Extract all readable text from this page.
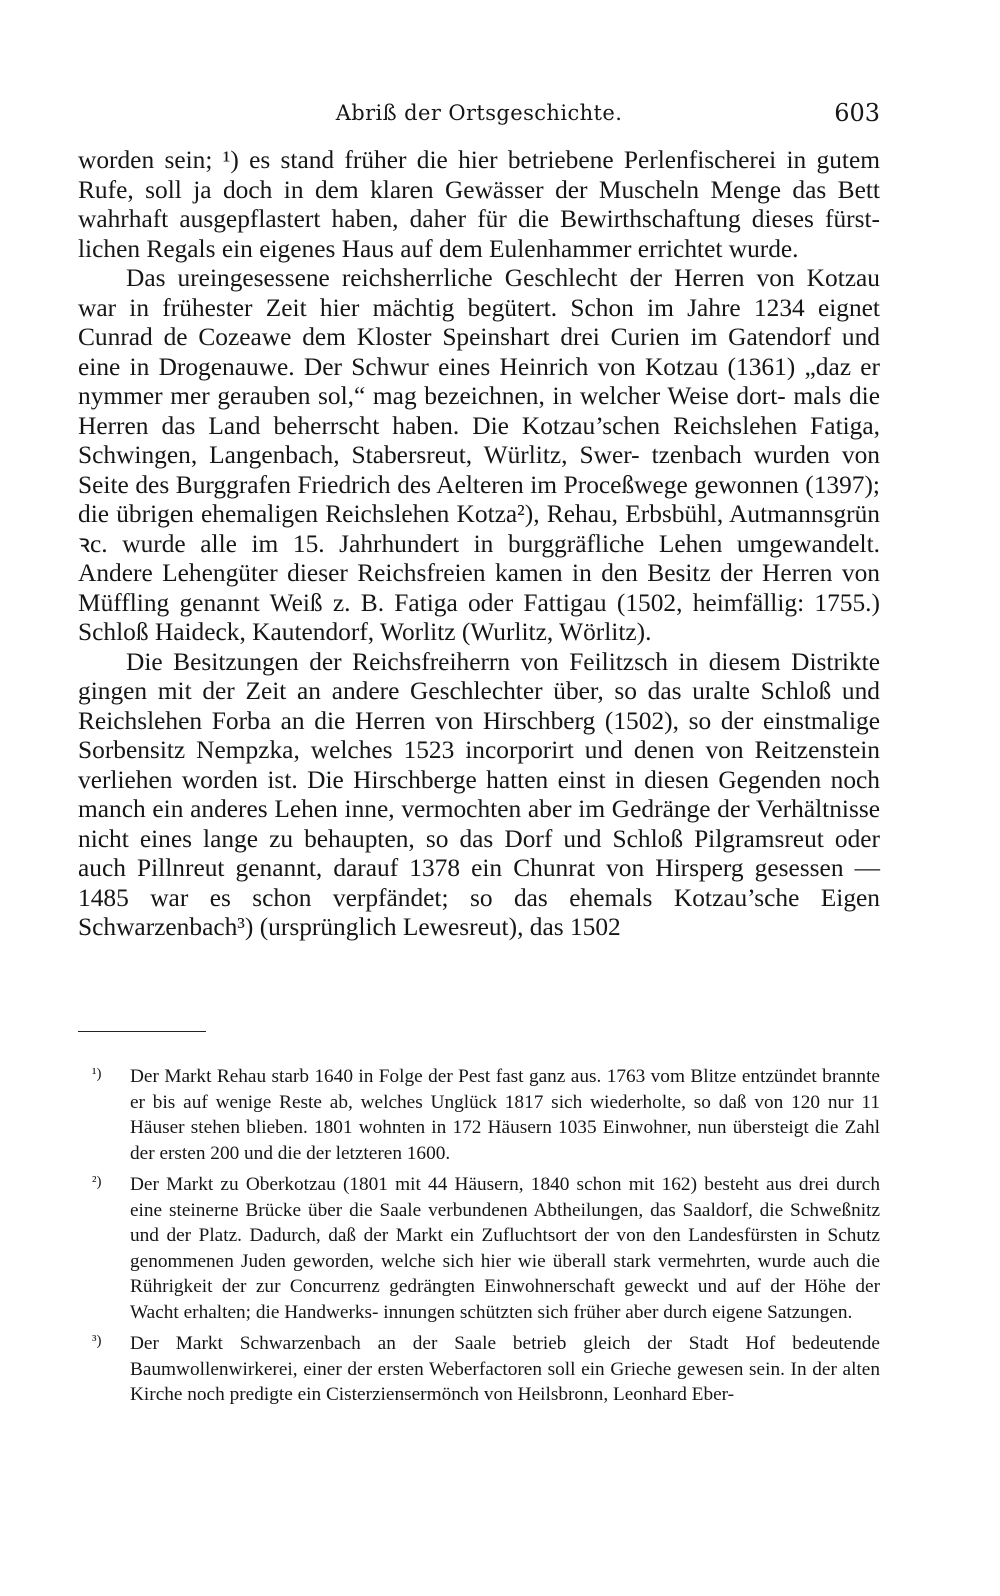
Abriß der Ortsgeschichte.	603

worden sein; ¹) es stand früher die hier betriebene Perlenfischerei in gutem Rufe, soll ja doch in dem klaren Gewässer der Muscheln Menge das Bett wahrhaft ausgepflastert haben, daher für die Bewirthschaftung dieses fürst- lichen Regals ein eigenes Haus auf dem Eulenhammer errichtet wurde.

Das ureingesessene reichsherrliche Geschlecht der Herren von Kotzau war in frühester Zeit hier mächtig begütert. Schon im Jahre 1234 eignet Cunrad de Cozeawe dem Kloster Speinshart drei Curien im Gatendorf und eine in Drogenauwe. Der Schwur eines Heinrich von Kotzau (1361) „daz er nymmer mer gerauben sol,“ mag bezeichnen, in welcher Weise dort- mals die Herren das Land beherrscht haben. Die Kotzau’schen Reichslehen Fatiga, Schwingen, Langenbach, Stabersreut, Würlitz, Swer- tzenbach wurden von Seite des Burggrafen Friedrich des Aelteren im Proceßwege gewonnen (1397); die übrigen ehemaligen Reichslehen Kotza²), Rehau, Erbsbühl, Autmannsgrün ꝛc. wurde alle im 15. Jahrhundert in burggräfliche Lehen umgewandelt. Andere Lehengüter dieser Reichsfreien kamen in den Besitz der Herren von Müffling genannt Weiß z. B. Fatiga oder Fattigau (1502, heimfällig: 1755.) Schloß Haideck, Kautendorf, Worlitz (Wurlitz, Wörlitz).

Die Besitzungen der Reichsfreiherrn von Feilitzsch in diesem Distrikte gingen mit der Zeit an andere Geschlechter über, so das uralte Schloß und Reichslehen Forba an die Herren von Hirschberg (1502), so der einstmalige Sorbensitz Nempzka, welches 1523 incorporirt und denen von Reitzenstein verliehen worden ist. Die Hirschberge hatten einst in diesen Gegenden noch manch ein anderes Lehen inne, vermochten aber im Gedränge der Verhältnisse nicht eines lange zu behaupten, so das Dorf und Schloß Pilgramsreut oder auch Pillnreut genannt, darauf 1378 ein Chunrat von Hirsperg gesessen — 1485 war es schon verpfändet; so das ehemals Kotzau’sche Eigen Schwarzenbach³) (ursprünglich Lewesreut), das 1502

¹) Der Markt Rehau starb 1640 in Folge der Pest fast ganz aus. 1763 vom Blitze entzündet brannte er bis auf wenige Reste ab, welches Unglück 1817 sich wiederholte, so daß von 120 nur 11 Häuser stehen blieben. 1801 wohnten in 172 Häusern 1035 Einwohner, nun übersteigt die Zahl der ersten 200 und die der letzteren 1600.
²) Der Markt zu Oberkotzau (1801 mit 44 Häusern, 1840 schon mit 162) besteht aus drei durch eine steinerne Brücke über die Saale verbundenen Abtheilungen, das Saaldorf, die Schweßnitz und der Platz. Dadurch, daß der Markt ein Zufluchtsort der von den Landesfürsten in Schutz genommenen Juden geworden, welche sich hier wie überall stark vermehrten, wurde auch die Rührigkeit der zur Concurrenz gedrängten Einwohnerschaft geweckt und auf der Höhe der Wacht erhalten; die Handwerks- innungen schützten sich früher aber durch eigene Satzungen.
³) Der Markt Schwarzenbach an der Saale betrieb gleich der Stadt Hof bedeutende Baumwollenwirkerei, einer der ersten Weberfactoren soll ein Grieche gewesen sein. In der alten Kirche noch predigte ein Cisterziensermönch von Heilsbronn, Leonhard Eber-
